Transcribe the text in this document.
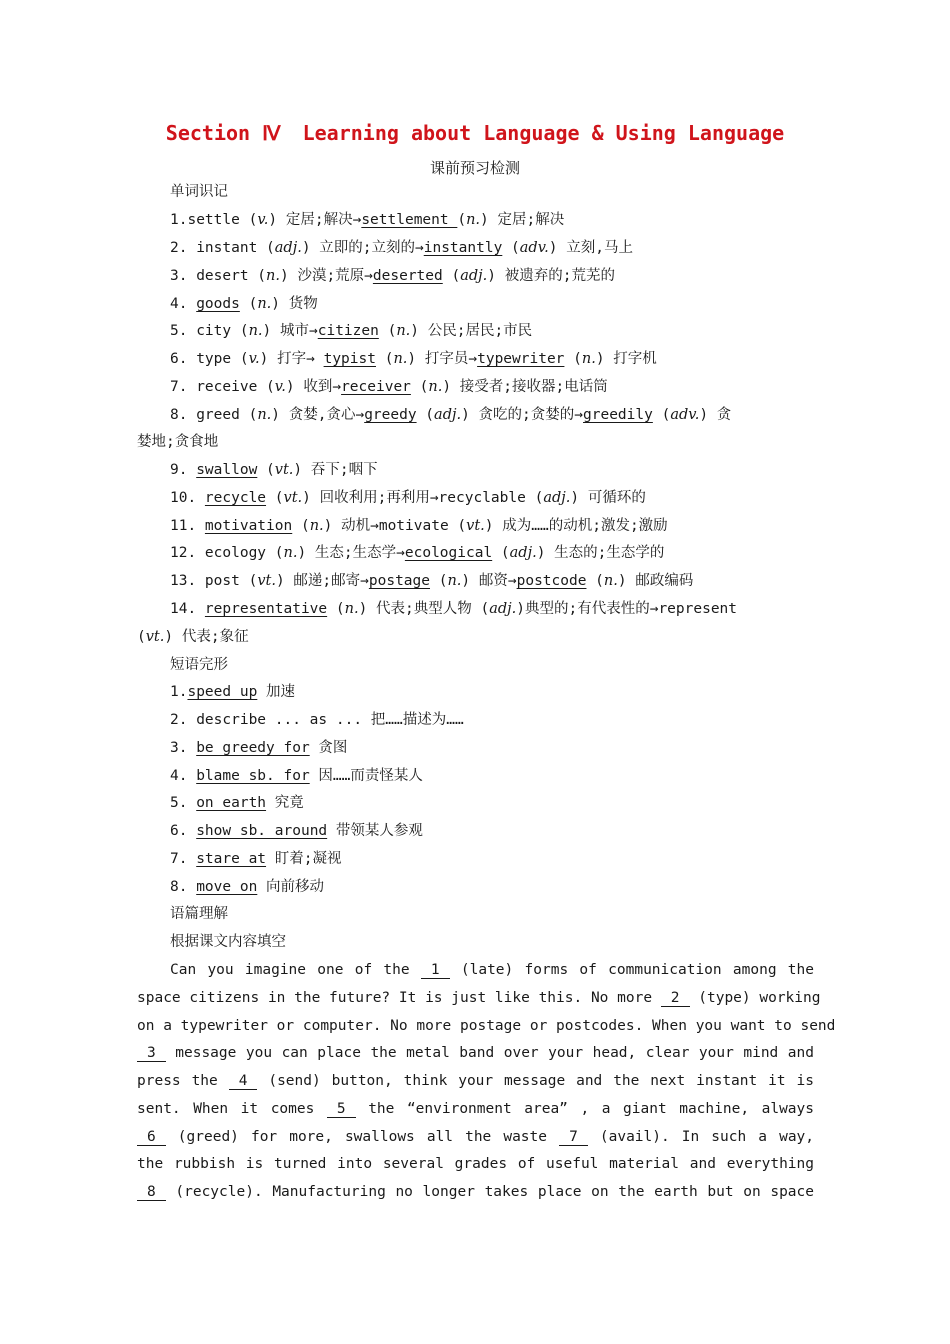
Section Ⅳ Learning about Language & Using Language
课前预习检测
单词识记
1.settle (v.) 定居;解决→settlement (n.) 定居;解决
2. instant (adj.) 立即的;立刻的→instantly (adv.) 立刻,马上
3. desert (n.) 沙漠;荒原→deserted (adj.) 被遗弃的;荒芜的
4. goods (n.) 货物
5. city (n.) 城市→citizen (n.) 公民;居民;市民
6. type (v.) 打字→ typist (n.) 打字员→typewriter (n.) 打字机
7. receive (v.) 收到→receiver (n.) 接受者;接收器;电话筒
8. greed (n.) 贪婪,贪心→greedy (adj.) 贪吃的;贪婪的→greedily (adv.) 贪
婪地;贪食地
9. swallow (vt.) 吞下;咽下
10. recycle (vt.) 回收利用;再利用→recyclable (adj.) 可循环的
11. motivation (n.) 动机→motivate (vt.) 成为……的动机;激发;激励
12. ecology (n.) 生态;生态学→ecological (adj.) 生态的;生态学的
13. post (vt.) 邮递;邮寄→postage (n.) 邮资→postcode (n.) 邮政编码
14. representative (n.) 代表;典型人物 (adj.)典型的;有代表性的→represent
(vt.) 代表;象征
短语完形
1.speed up 加速
2. describe ... as ... 把……描述为……
3. be greedy for 贪图
4. blame sb. for 因……而责怪某人
5. on earth 究竟
6. show sb. around 带领某人参观
7. stare at 盯着;凝视
8. move on 向前移动
语篇理解
根据课文内容填空
Can you imagine one of the 1 (late) forms of communication among the
space citizens in the future? It is just like this. No more 2 (type) working
on a typewriter or computer. No more postage or postcodes. When you want to send
3 message you can place the metal band over your head, clear your mind and
press the 4 (send) button, think your message and the next instant it is
sent. When it comes 5 the “environment area” , a giant machine, always
6 (greed) for more, swallows all the waste 7 (avail). In such a way,
the rubbish is turned into several grades of useful material and everything
8 (recycle). Manufacturing no longer takes place on the earth but on space
